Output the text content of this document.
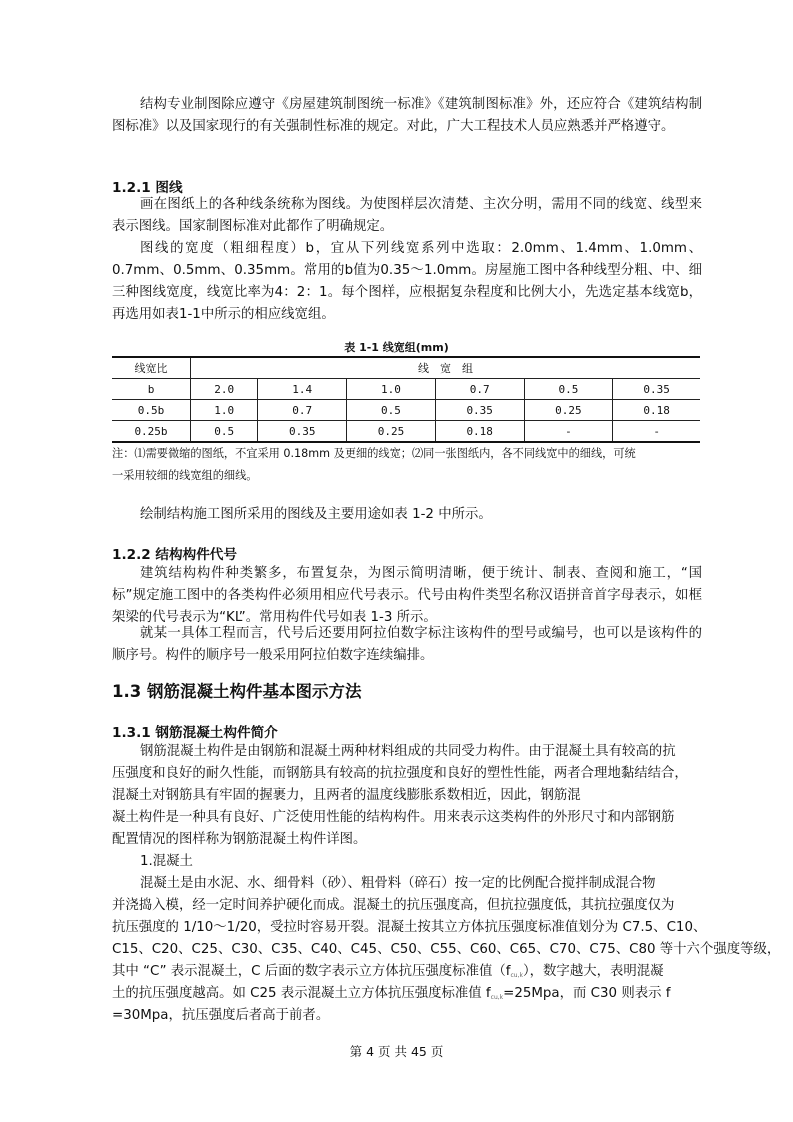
结构专业制图除应遵守《房屋建筑制图统一标准》《建筑制图标准》外，还应符合《建筑结构制图标准》以及国家现行的有关强制性标准的规定。对此，广大工程技术人员应熟悉并严格遵守。

1.2.1 图线

画在图纸上的各种线条统称为图线。为使图样层次清楚、主次分明，需用不同的线宽、线型来表示图线。国家制图标准对此都作了明确规定。

图线的宽度（粗细程度）b，宜从下列线宽系列中选取：2.0mm、1.4mm、1.0mm、0.7mm、0.5mm、0.35mm。常用的b值为0.35～1.0mm。房屋施工图中各种线型分粗、中、细三种图线宽度，线宽比率为4：2：1。每个图样，应根据复杂程度和比例大小，先选定基本线宽b，再选用如表1-1中所示的相应线宽组。

表 1-1 线宽组(mm)
线宽比	线　宽　组					
b	2.0	1.4	1.0	0.7	0.5	0.35
0.5b	1.0	0.7	0.5	0.35	0.25	0.18
0.25b	0.5	0.35	0.25	0.18	-	-
注：⑴需要微缩的图纸，不宜采用 0.18mm 及更细的线宽；⑵同一张图纸内，各不同线宽中的细线，可统
一采用较细的线宽组的细线。
绘制结构施工图所采用的图线及主要用途如表 1-2 中所示。
1.2.2 结构构件代号

建筑结构构件种类繁多，布置复杂，为图示简明清晰，便于统计、制表、查阅和施工，“国标”规定施工图中的各类构件必须用相应代号表示。代号由构件类型名称汉语拼音首字母表示，如框架梁的代号表示为“KL”。常用构件代号如表 1-3 所示。

就某一具体工程而言，代号后还要用阿拉伯数字标注该构件的型号或编号，也可以是该构件的顺序号。构件的顺序号一般采用阿拉伯数字连续编排。

1.3 钢筋混凝土构件基本图示方法
1.3.1 钢筋混凝土构件简介
钢筋混凝土构件是由钢筋和混凝土两种材料组成的共同受力构件。由于混凝土具有较高的抗
压强度和良好的耐久性能，而钢筋具有较高的抗拉强度和良好的塑性性能，两者合理地黏结结合，
混凝土对钢筋具有牢固的握裹力，且两者的温度线膨胀系数相近，因此，钢筋混
凝土构件是一种具有良好、广泛使用性能的结构构件。用来表示这类构件的外形尺寸和内部钢筋
配置情况的图样称为钢筋混凝土构件详图。
1.混凝土
混凝土是由水泥、水、细骨料（砂）、粗骨料（碎石）按一定的比例配合搅拌制成混合物
并浇捣入模，经一定时间养护硬化而成。混凝土的抗压强度高，但抗拉强度低，其抗拉强度仅为
抗压强度的 1/10～1/20，受拉时容易开裂。混凝土按其立方体抗压强度标准值划分为 C7.5、C10、
C15、C20、C25、C30、C35、C40、C45、C50、C55、C60、C65、C70、C75、C80 等十六个强度等级，
其中 “C” 表示混凝土，C 后面的数字表示立方体抗压强度标准值$(f_{cu,k})$，数字越大，表明混凝
土的抗压强度越高。如 C25 表示混凝土立方体抗压强度标准值 $f_{cu,k}=25Mpa$，而 C30 则表示 f
=30Mpa，抗压强度后者高于前者。
第 4 页 共 45 页
